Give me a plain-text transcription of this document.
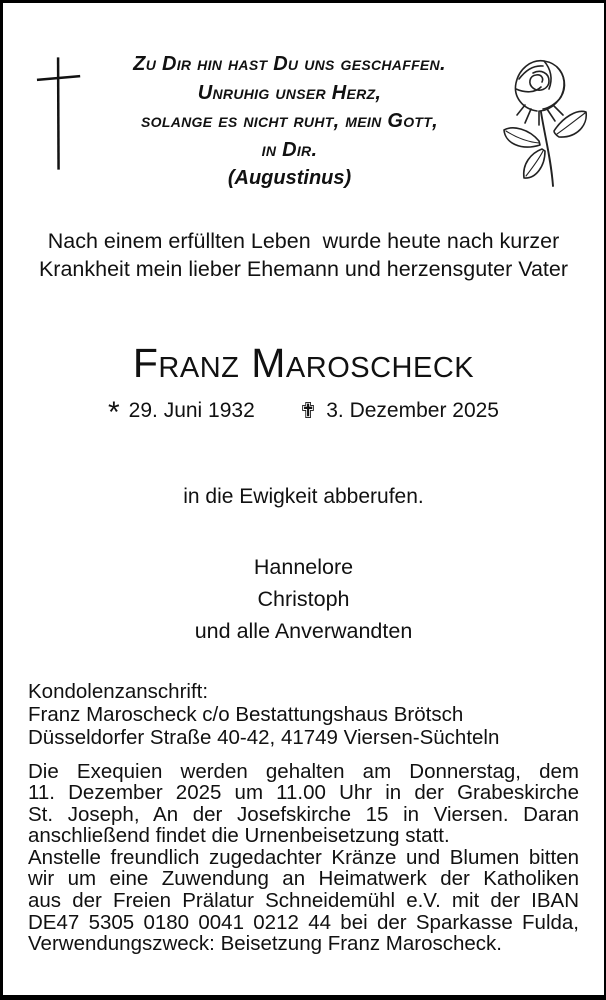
Zu Dir hin hast Du uns geschaffen.
Unruhig unser Herz,
solange es nicht ruht, mein Gott,
in Dir.
(Augustinus)
Nach einem erfüllten Leben  wurde heute nach kurzer
Krankheit mein lieber Ehemann und herzensguter Vater
Franz Maroscheck
* 29. Juni 1932 ✟ 3. Dezember 2025
in die Ewigkeit abberufen.
Hannelore
Christoph
und alle Anverwandten
Kondolenzanschrift:
Franz Maroscheck c/o Bestattungshaus Brötsch
Düsseldorfer Straße 40-42, 41749 Viersen-Süchteln
Die Exequien werden gehalten am Donnerstag, dem
11. Dezember 2025 um 11.00 Uhr in der Grabeskirche
St. Joseph, An der Josefskirche 15 in Viersen. Daran
anschließend findet die Urnenbeisetzung statt.
Anstelle freundlich zugedachter Kränze und Blumen bitten
wir um eine Zuwendung an Heimatwerk der Katholiken
aus der Freien Prälatur Schneidemühl e.V. mit der IBAN
DE47 5305 0180 0041 0212 44 bei der Sparkasse Fulda,
Verwendungszweck: Beisetzung Franz Maroscheck.
